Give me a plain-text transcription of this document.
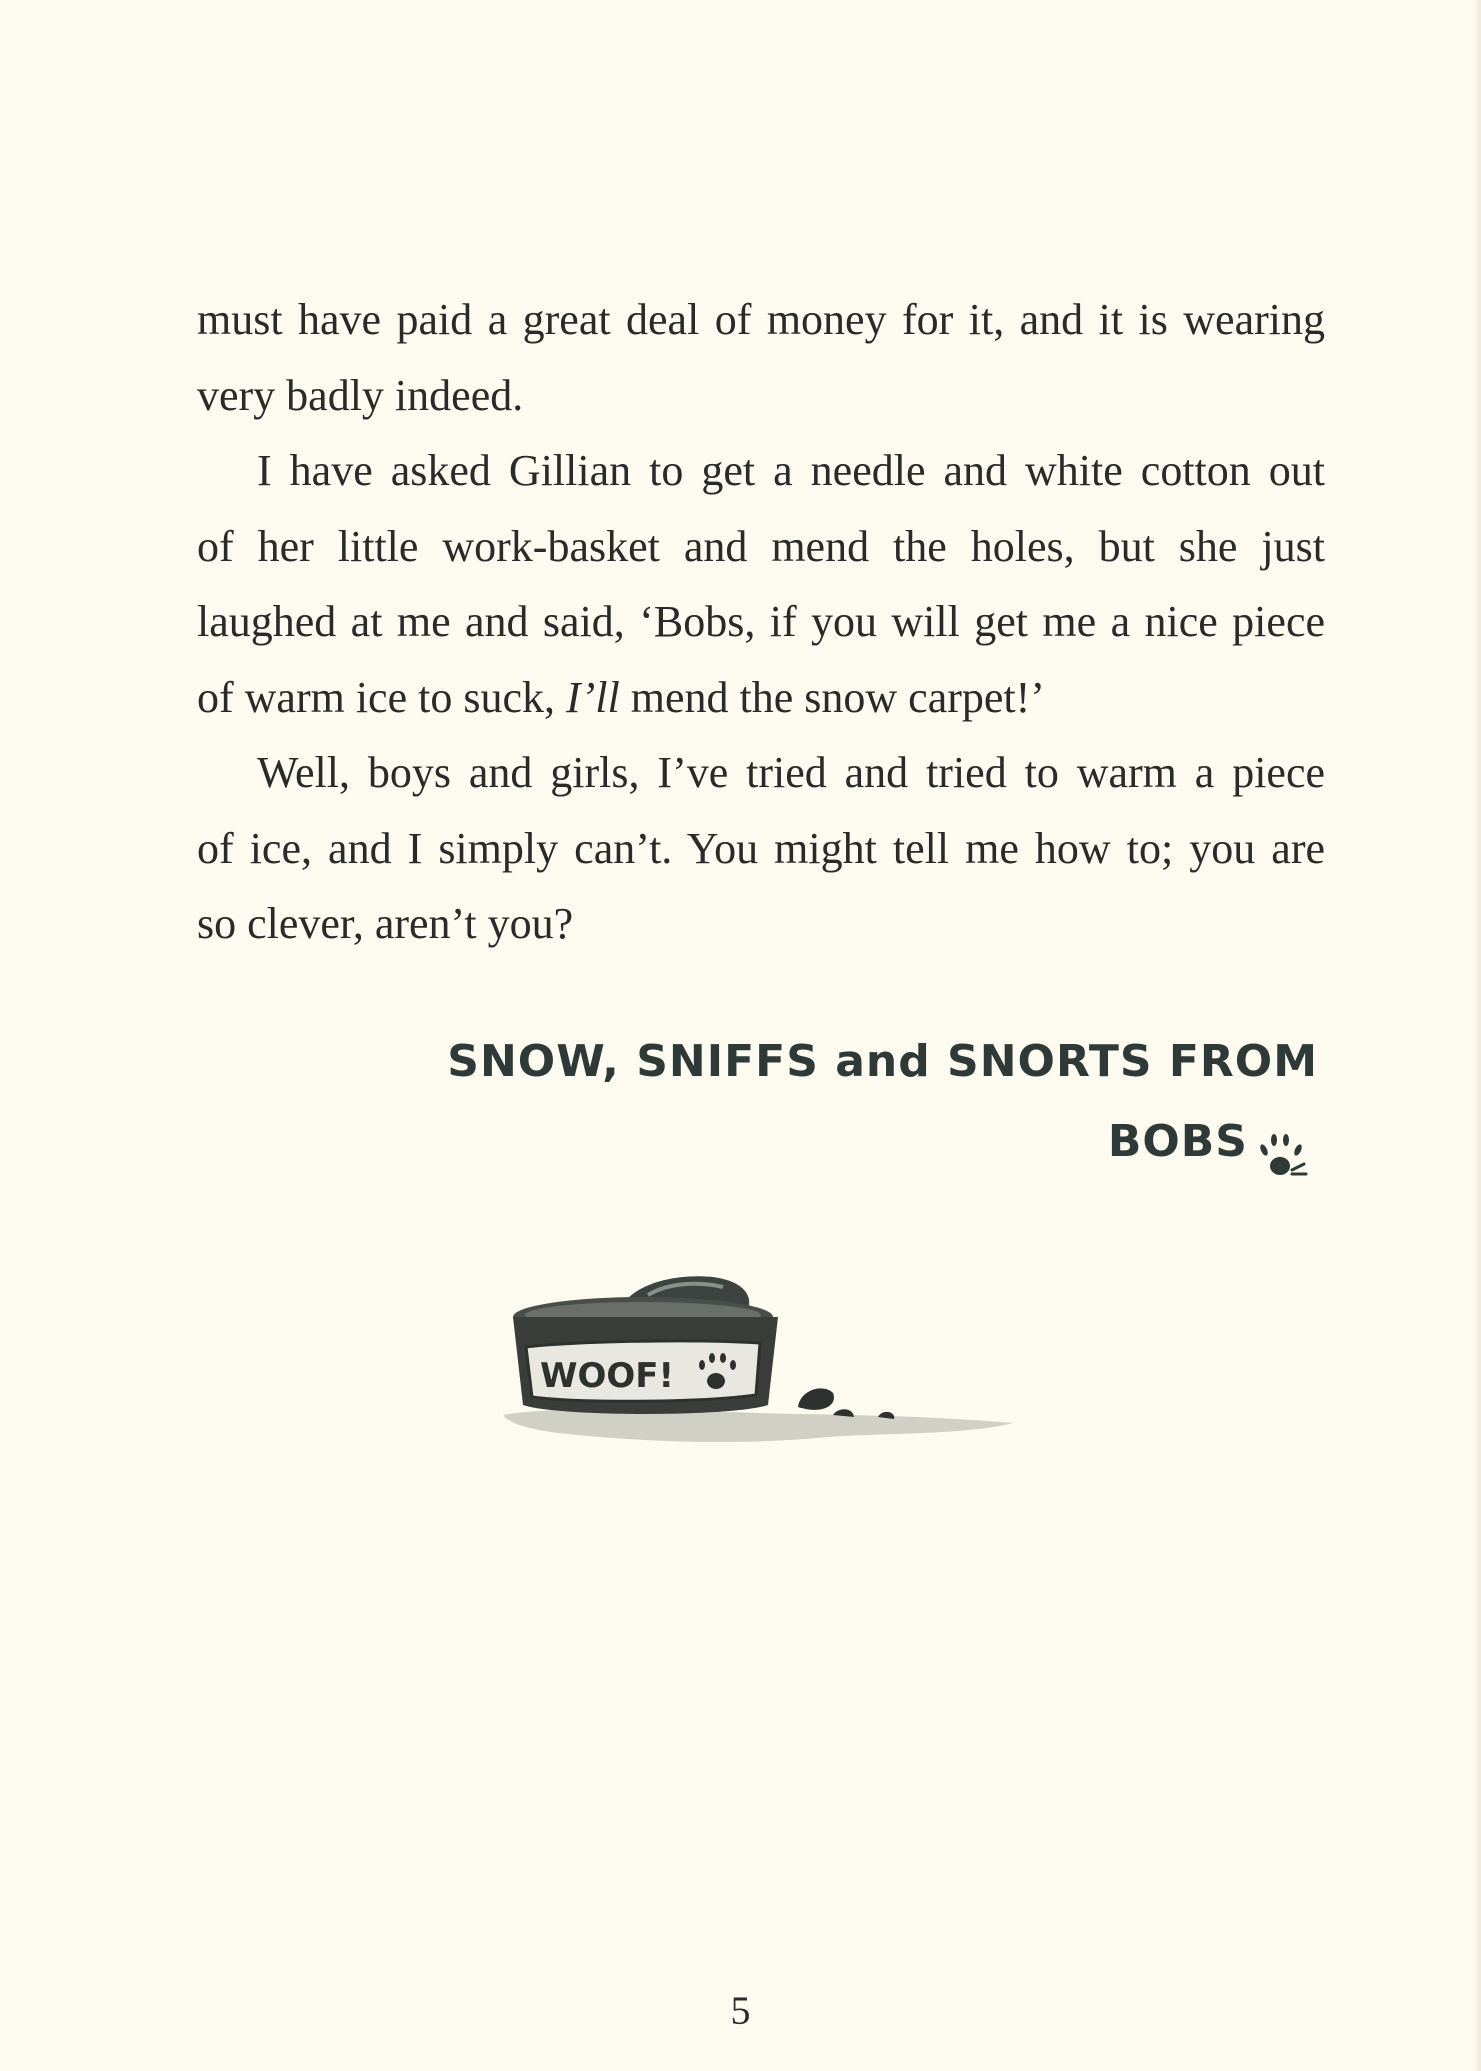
must have paid a great deal of money for it, and it is wearing
very badly indeed.

I have asked Gillian to get a needle and white cotton out
of her little work-basket and mend the holes, but she just
laughed at me and said, ‘Bobs, if you will get me a nice piece
of warm ice to suck, I’ll mend the snow carpet!’

Well, boys and girls, I’ve tried and tried to warm a piece
of ice, and I simply can’t. You might tell me how to; you are
so clever, aren’t you?

SNOW, SNIFFS and SNORTS FROM
BOBS
WOOF!
5
